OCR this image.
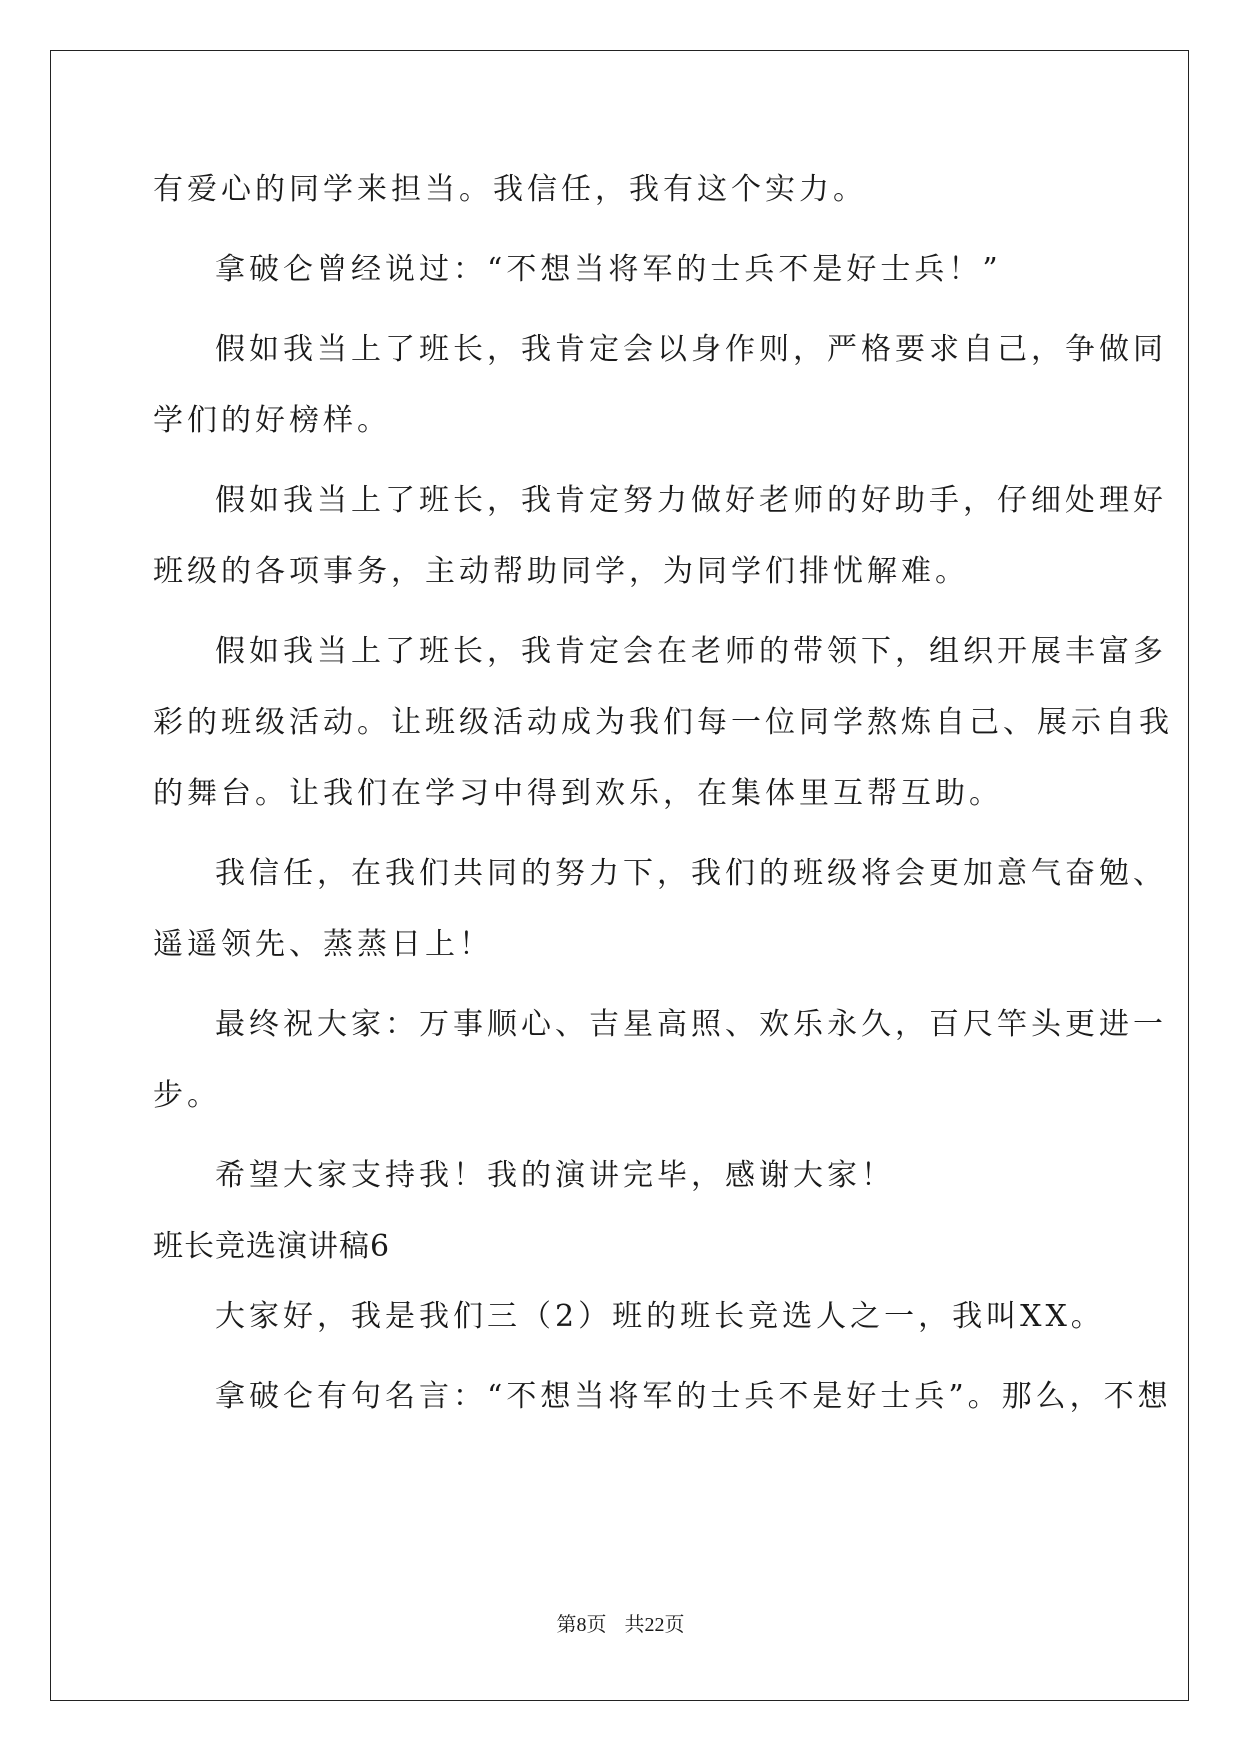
有爱心的同学来担当。我信任，我有这个实力。
拿破仑曾经说过：“不想当将军的士兵不是好士兵！”
假如我当上了班长，我肯定会以身作则，严格要求自己，争做同
学们的好榜样。
假如我当上了班长，我肯定努力做好老师的好助手，仔细处理好
班级的各项事务，主动帮助同学，为同学们排忧解难。
假如我当上了班长，我肯定会在老师的带领下，组织开展丰富多
彩的班级活动。让班级活动成为我们每一位同学熬炼自己、展示自我
的舞台。让我们在学习中得到欢乐，在集体里互帮互助。
我信任，在我们共同的努力下，我们的班级将会更加意气奋勉、
遥遥领先、蒸蒸日上！
最终祝大家：万事顺心、吉星高照、欢乐永久，百尺竿头更进一
步。
希望大家支持我！我的演讲完毕，感谢大家！
班长竞选演讲稿6
大家好，我是我们三（2）班的班长竞选人之一，我叫XX。
拿破仑有句名言：“不想当将军的士兵不是好士兵”。那么，不想
第8页 共22页
